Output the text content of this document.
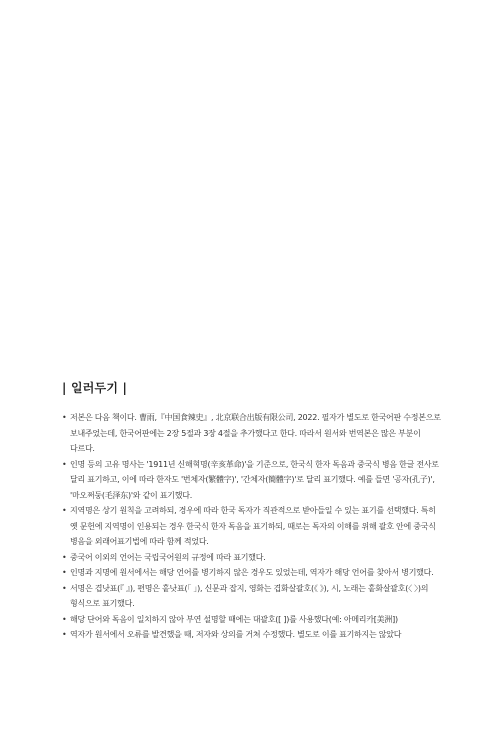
| 일러두기 |
• 저본은 다음 책이다. 曹雨,『中国食辣史』, 北京联合出版有限公司, 2022. 필자가 별도로 한국어판 수정본으로 보내주었는데, 한국어판에는 2장 5절과 3장 4절을 추가했다고 한다. 따라서 원서와 번역본은 많은 부분이 다르다.
• 인명 등의 고유 명사는 '1911년 신해혁명(辛亥革命)'을 기준으로, 한국식 한자 독음과 중국식 병음 한글 전사로 달리 표기하고, 이에 따라 한자도 '번체자(繁體字)', '간체자(簡體字)'로 달리 표기했다. 예를 들면 '공자(孔子)', '마오쩌둥(毛泽东)'와 같이 표기했다.
• 지역명은 상기 원칙을 고려하되, 경우에 따라 한국 독자가 직관적으로 받아들일 수 있는 표기를 선택했다. 특히 옛 문헌에 지역명이 인용되는 경우 한국식 한자 독음을 표기하되, 때로는 독자의 이해를 위해 괄호 안에 중국식 병음을 외래어표기법에 따라 함께 적었다.
• 중국어 이외의 언어는 국립국어원의 규정에 따라 표기했다.
• 인명과 지명에 원서에서는 해당 언어를 병기하지 않은 경우도 있었는데, 역자가 해당 언어를 찾아서 병기했다.
• 서명은 겹낫표(『 』), 편명은 홑낫표(「 」), 신문과 잡지, 영화는 겹화살괄호(《 》), 시, 노래는 홑화살괄호(〈 〉)의 형식으로 표기했다.
• 해당 단어와 독음이 일치하지 않아 부연 설명할 때에는 대괄호([ ])를 사용했다(예: 아메리카[美洲])
• 역자가 원서에서 오류를 발견했을 때, 저자와 상의를 거쳐 수정했다. 별도로 이를 표기하지는 않았다
